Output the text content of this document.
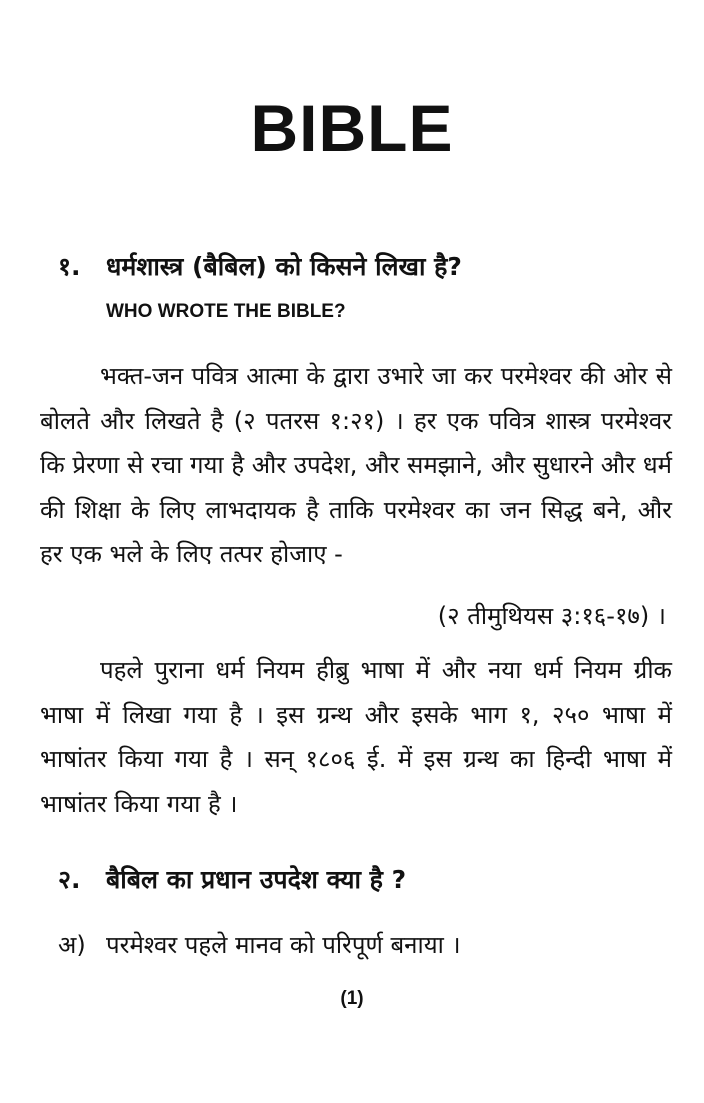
BIBLE
१. धर्मशास्त्र (बैबिल) को किसने लिखा है?
WHO WROTE THE BIBLE?

भक्त-जन पवित्र आत्मा के द्वारा उभारे जा कर परमेश्वर की ओर से बोलते और लिखते है (२ पतरस १:२१) । हर एक पवित्र शास्त्र परमेश्वर कि प्रेरणा से रचा गया है और उपदेश, और समझाने, और सुधारने और धर्म की शिक्षा के लिए लाभदायक है ताकि परमेश्वर का जन सिद्ध बने, और हर एक भले के लिए तत्पर होजाए -

(२ तीमुथियस ३:१६-१७) ।

पहले पुराना धर्म नियम हीब्रु भाषा में और नया धर्म नियम ग्रीक भाषा में लिखा गया है । इस ग्रन्थ और इसके भाग १, २५० भाषा में भाषांतर किया गया है । सन् १८०६ ई. में इस ग्रन्थ का हिन्दी भाषा में भाषांतर किया गया है ।

२. बैबिल का प्रधान उपदेश क्या है ?
अ) परमेश्वर पहले मानव को परिपूर्ण बनाया ।
(1)
